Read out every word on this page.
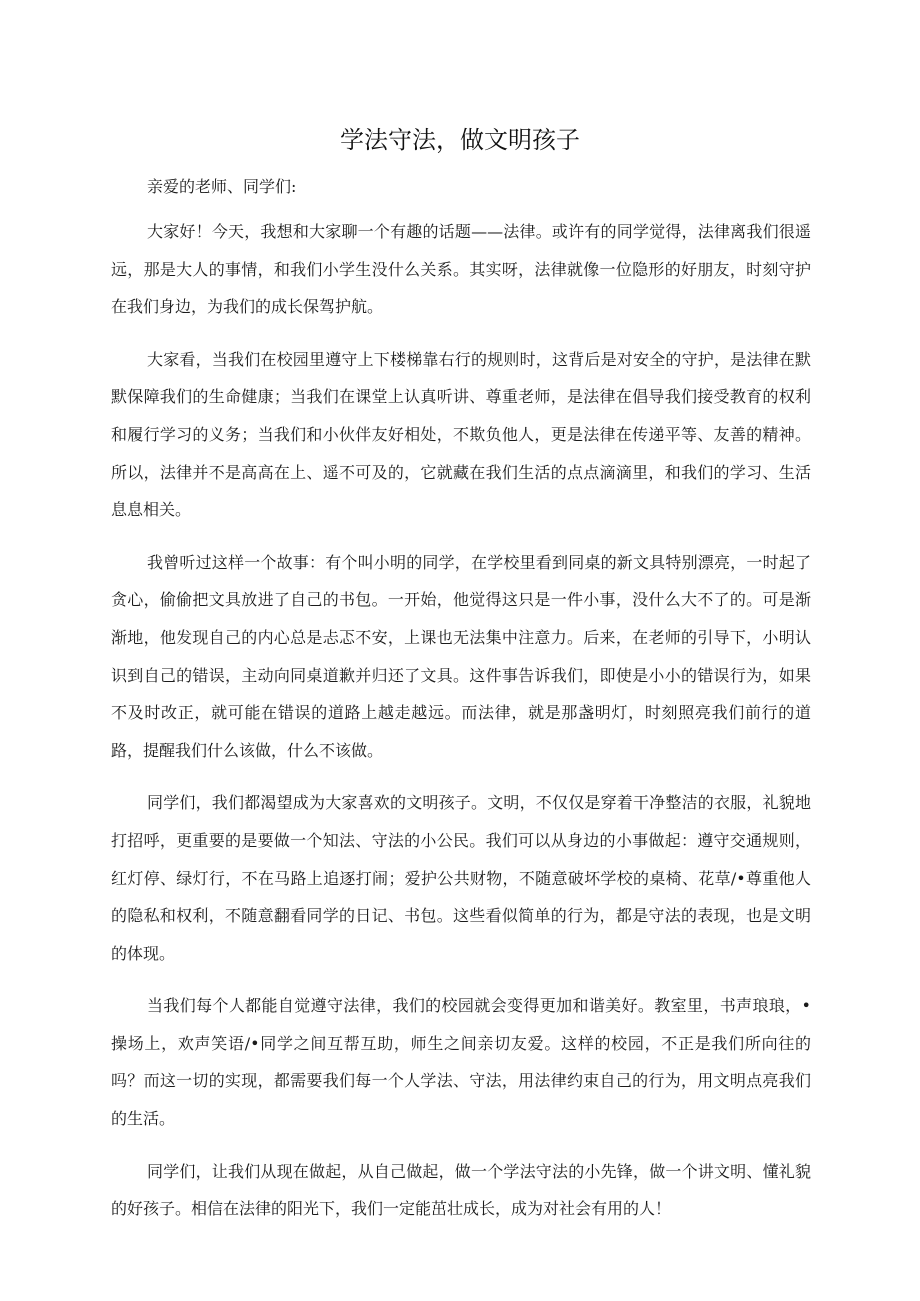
学法守法，做文明孩子

亲爱的老师、同学们:

大家好！今天，我想和大家聊一个有趣的话题——法律。或许有的同学觉得，法律离我们很遥远，那是大人的事情，和我们小学生没什么关系。其实呀，法律就像一位隐形的好朋友，时刻守护在我们身边，为我们的成长保驾护航。

大家看，当我们在校园里遵守上下楼梯靠右行的规则时，这背后是对安全的守护，是法律在默默保障我们的生命健康；当我们在课堂上认真听讲、尊重老师，是法律在倡导我们接受教育的权利和履行学习的义务；当我们和小伙伴友好相处，不欺负他人，更是法律在传递平等、友善的精神。所以，法律并不是高高在上、遥不可及的，它就藏在我们生活的点点滴滴里，和我们的学习、生活息息相关。

我曾听过这样一个故事：有个叫小明的同学，在学校里看到同桌的新文具特别漂亮，一时起了贪心，偷偷把文具放进了自己的书包。一开始，他觉得这只是一件小事，没什么大不了的。可是渐渐地，他发现自己的内心总是忐忑不安，上课也无法集中注意力。后来，在老师的引导下，小明认识到自己的错误，主动向同桌道歉并归还了文具。这件事告诉我们，即使是小小的错误行为，如果不及时改正，就可能在错误的道路上越走越远。而法律，就是那盏明灯，时刻照亮我们前行的道路，提醒我们什么该做，什么不该做。

同学们，我们都渴望成为大家喜欢的文明孩子。文明，不仅仅是穿着干净整洁的衣服，礼貌地打招呼，更重要的是要做一个知法、守法的小公民。我们可以从身边的小事做起：遵守交通规则，红灯停、绿灯行，不在马路上追逐打闹；爱护公共财物，不随意破坏学校的桌椅、花草/•尊重他人的隐私和权利，不随意翻看同学的日记、书包。这些看似简单的行为，都是守法的表现，也是文明的体现。

当我们每个人都能自觉遵守法律，我们的校园就会变得更加和谐美好。教室里，书声琅琅，•操场上，欢声笑语/•同学之间互帮互助，师生之间亲切友爱。这样的校园，不正是我们所向往的吗？而这一切的实现，都需要我们每一个人学法、守法，用法律约束自己的行为，用文明点亮我们的生活。

同学们，让我们从现在做起，从自己做起，做一个学法守法的小先锋，做一个讲文明、懂礼貌的好孩子。相信在法律的阳光下，我们一定能茁壮成长，成为对社会有用的人！
